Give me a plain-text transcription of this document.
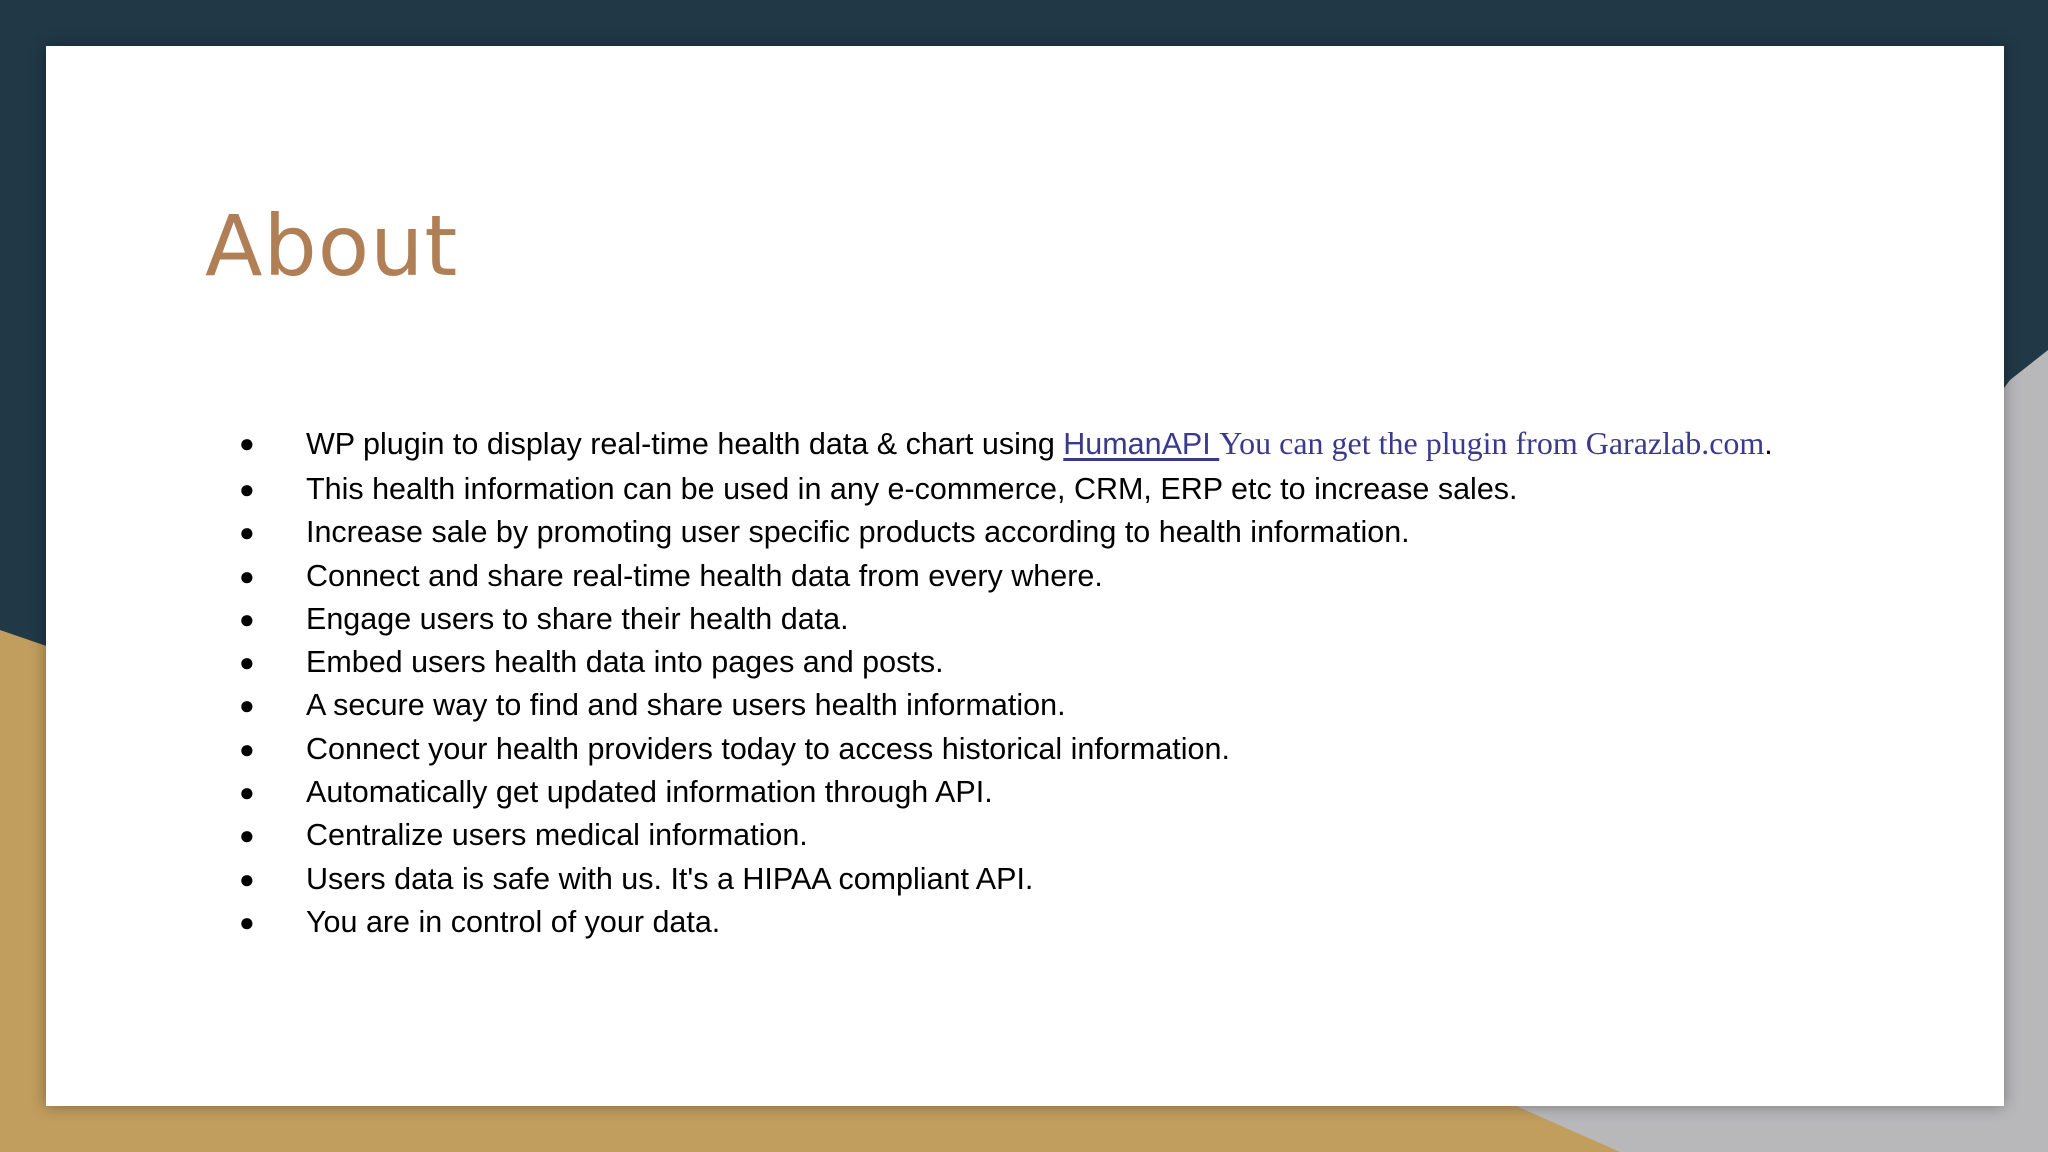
About
● WP plugin to display real-time health data & chart using HumanAPI You can get the plugin from Garazlab.com.
● This health information can be used in any e-commerce, CRM, ERP etc to increase sales.
● Increase sale by promoting user specific products according to health information.
● Connect and share real-time health data from every where.
● Engage users to share their health data.
● Embed users health data into pages and posts.
● A secure way to find and share users health information.
● Connect your health providers today to access historical information.
● Automatically get updated information through API.
● Centralize users medical information.
● Users data is safe with us. It's a HIPAA compliant API.
● You are in control of your data.
